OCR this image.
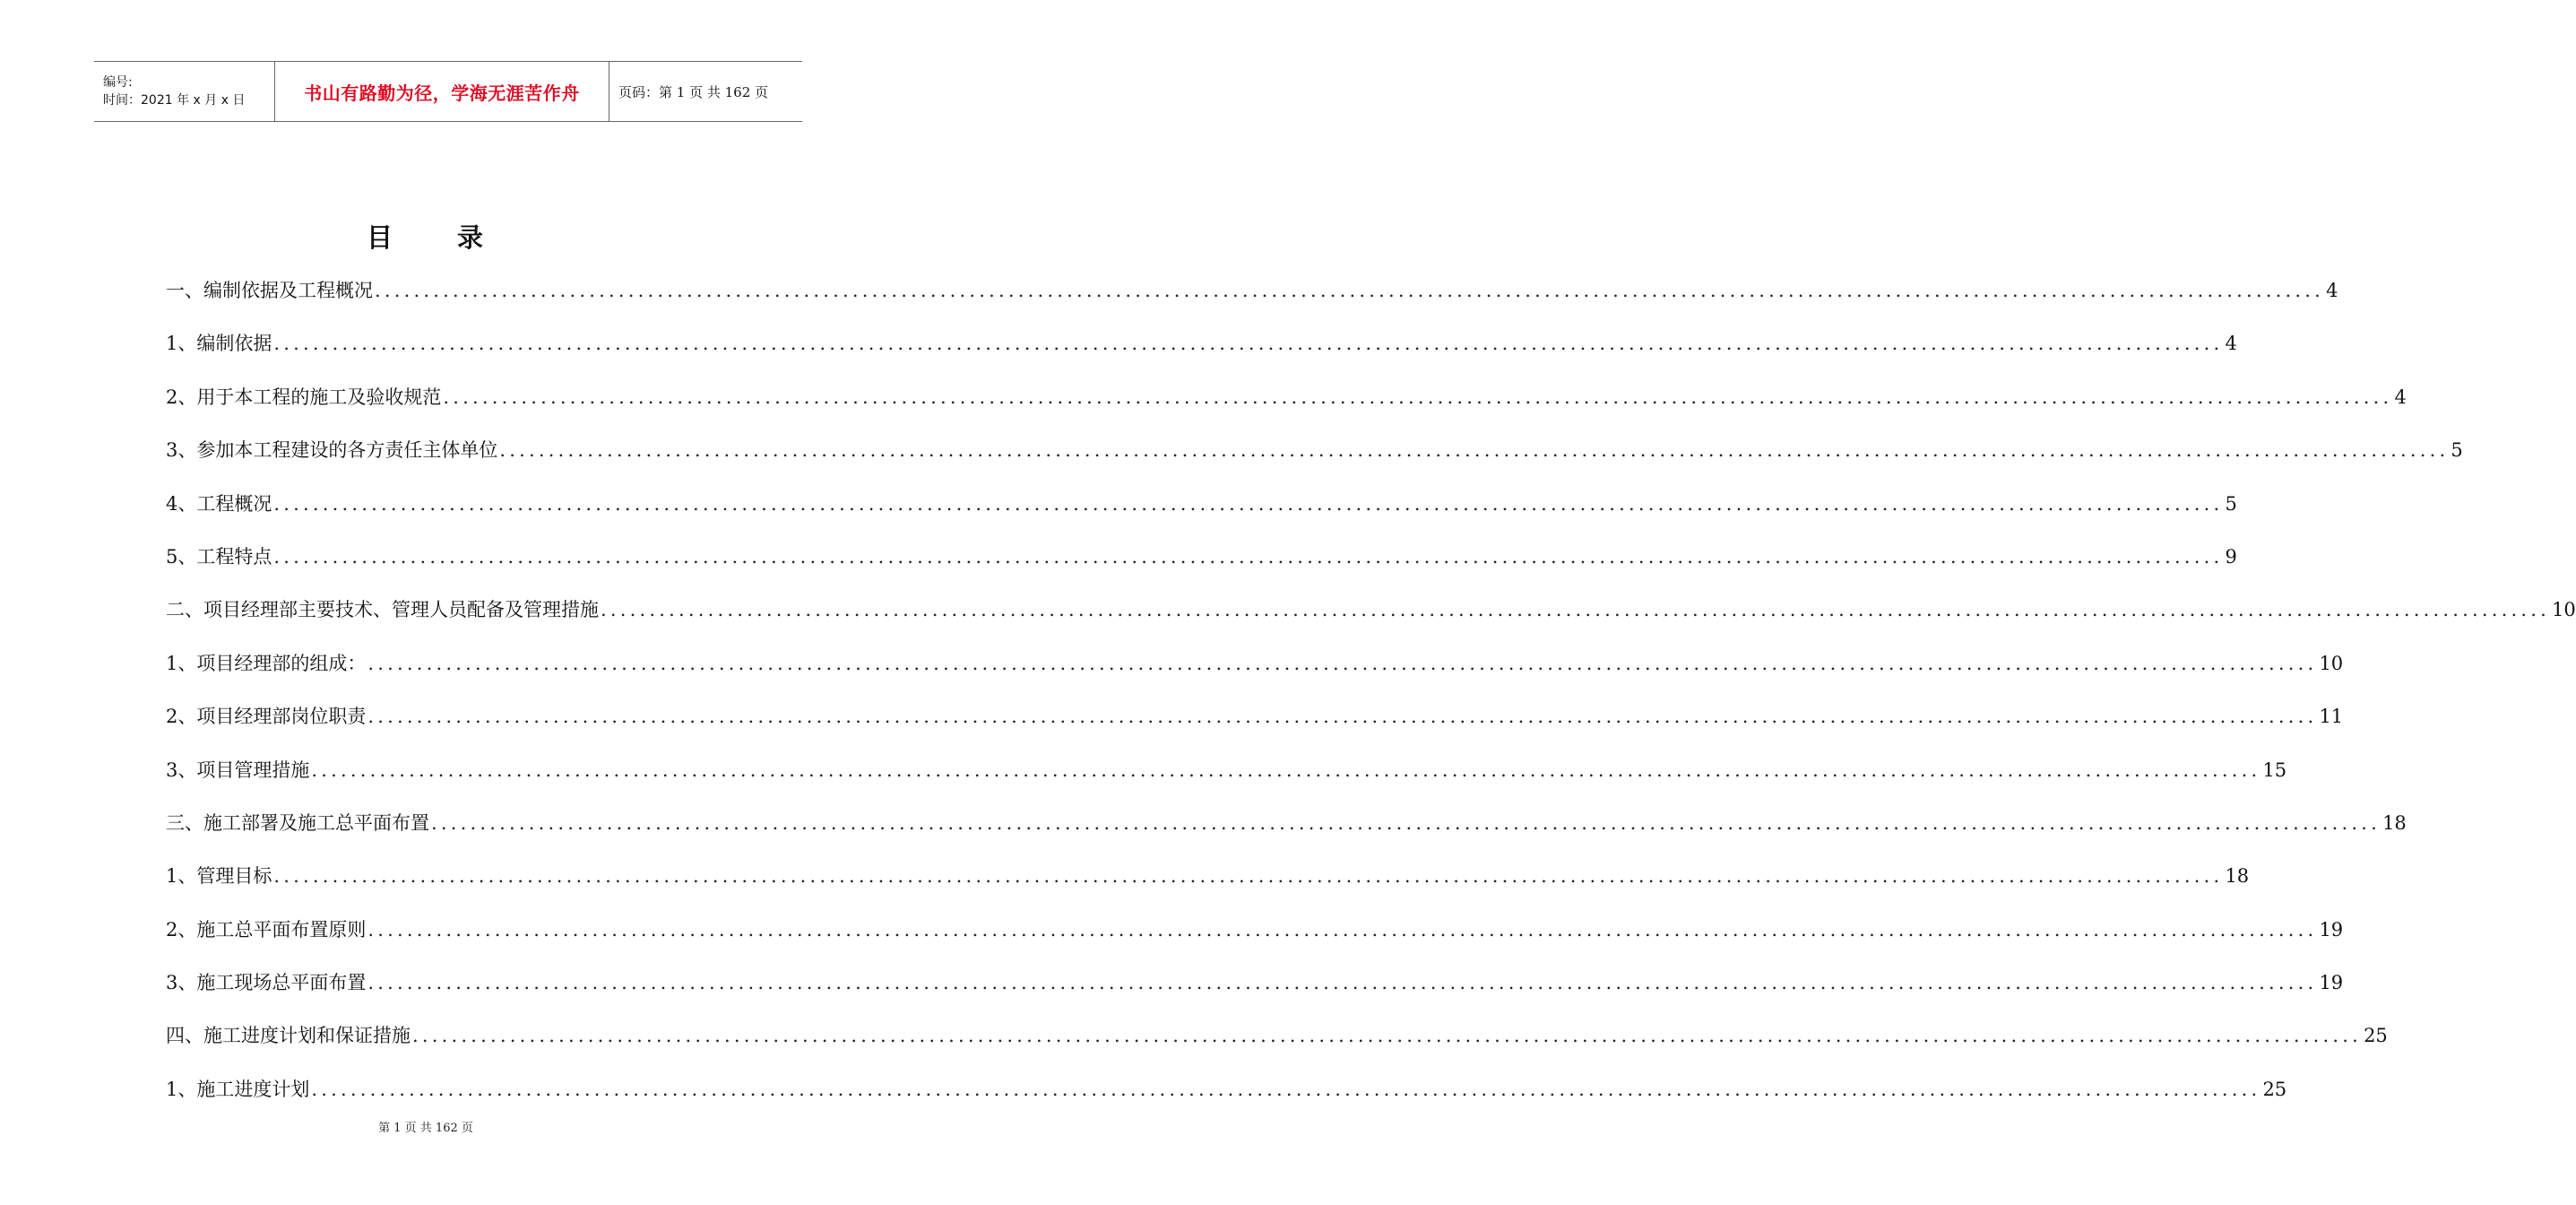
编号:
时间：2021 年 x 月 x 日	书山有路勤为径，学海无涯苦作舟	页码：第 1 页 共 162 页
目 录
一、编制依据及工程概况 ........................................................................................................................................................................................................ 4
1、编制依据 ........................................................................................................................................................................................................ 4
2、用于本工程的施工及验收规范 ........................................................................................................................................................................................................ 4
3、参加本工程建设的各方责任主体单位 ........................................................................................................................................................................................................ 5
4、工程概况 ........................................................................................................................................................................................................ 5
5、工程特点 ........................................................................................................................................................................................................ 9
二、项目经理部主要技术、管理人员配备及管理措施 ........................................................................................................................................................................................................ 10
1、项目经理部的组成： ........................................................................................................................................................................................................ 10
2、项目经理部岗位职责 ........................................................................................................................................................................................................ 11
3、项目管理措施 ........................................................................................................................................................................................................ 15
三、施工部署及施工总平面布置 ........................................................................................................................................................................................................ 18
1、管理目标 ........................................................................................................................................................................................................ 18
2、施工总平面布置原则 ........................................................................................................................................................................................................ 19
3、施工现场总平面布置 ........................................................................................................................................................................................................ 19
四、施工进度计划和保证措施 ........................................................................................................................................................................................................ 25
1、施工进度计划 ........................................................................................................................................................................................................ 25
第 1 页 共 162 页
